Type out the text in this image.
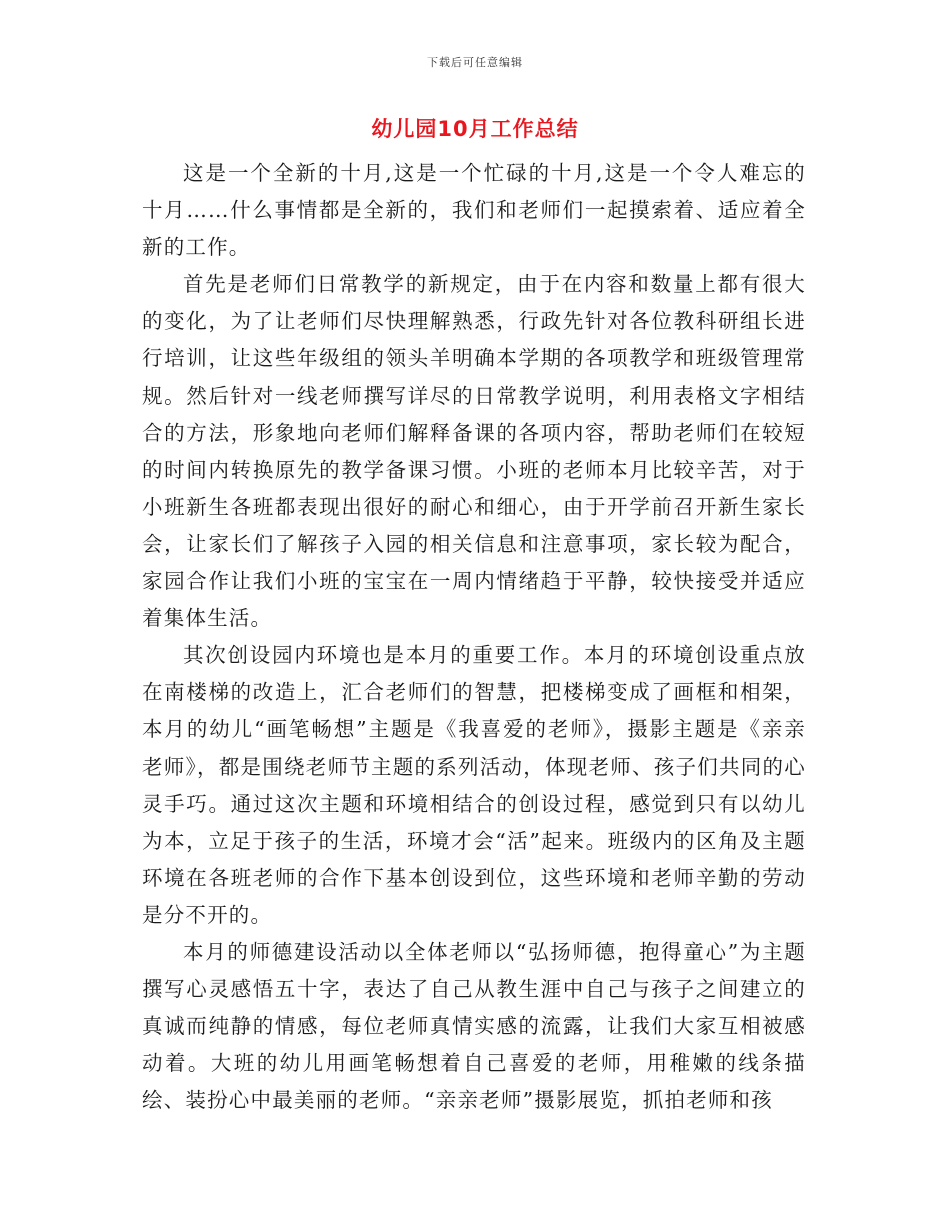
下载后可任意编辑
幼儿园10月工作总结

这是一个全新的十月,这是一个忙碌的十月,这是一个令人难忘的十月……什么事情都是全新的，我们和老师们一起摸索着、适应着全新的工作。

首先是老师们日常教学的新规定，由于在内容和数量上都有很大的变化，为了让老师们尽快理解熟悉，行政先针对各位教科研组长进行培训，让这些年级组的领头羊明确本学期的各项教学和班级管理常规。然后针对一线老师撰写详尽的日常教学说明，利用表格文字相结合的方法，形象地向老师们解释备课的各项内容，帮助老师们在较短的时间内转换原先的教学备课习惯。小班的老师本月比较辛苦，对于小班新生各班都表现出很好的耐心和细心，由于开学前召开新生家长会，让家长们了解孩子入园的相关信息和注意事项，家长较为配合，家园合作让我们小班的宝宝在一周内情绪趋于平静，较快接受并适应着集体生活。

其次创设园内环境也是本月的重要工作。本月的环境创设重点放在南楼梯的改造上，汇合老师们的智慧，把楼梯变成了画框和相架，本月的幼儿“画笔畅想”主题是《我喜爱的老师》，摄影主题是《亲亲老师》，都是围绕老师节主题的系列活动，体现老师、孩子们共同的心灵手巧。通过这次主题和环境相结合的创设过程，感觉到只有以幼儿为本，立足于孩子的生活，环境才会“活”起来。班级内的区角及主题环境在各班老师的合作下基本创设到位，这些环境和老师辛勤的劳动是分不开的。

本月的师德建设活动以全体老师以“弘扬师德，抱得童心”为主题撰写心灵感悟五十字，表达了自己从教生涯中自己与孩子之间建立的真诚而纯静的情感，每位老师真情实感的流露，让我们大家互相被感动着。大班的幼儿用画笔畅想着自己喜爱的老师，用稚嫩的线条描绘、装扮心中最美丽的老师。“亲亲老师”摄影展览，抓拍老师和孩
